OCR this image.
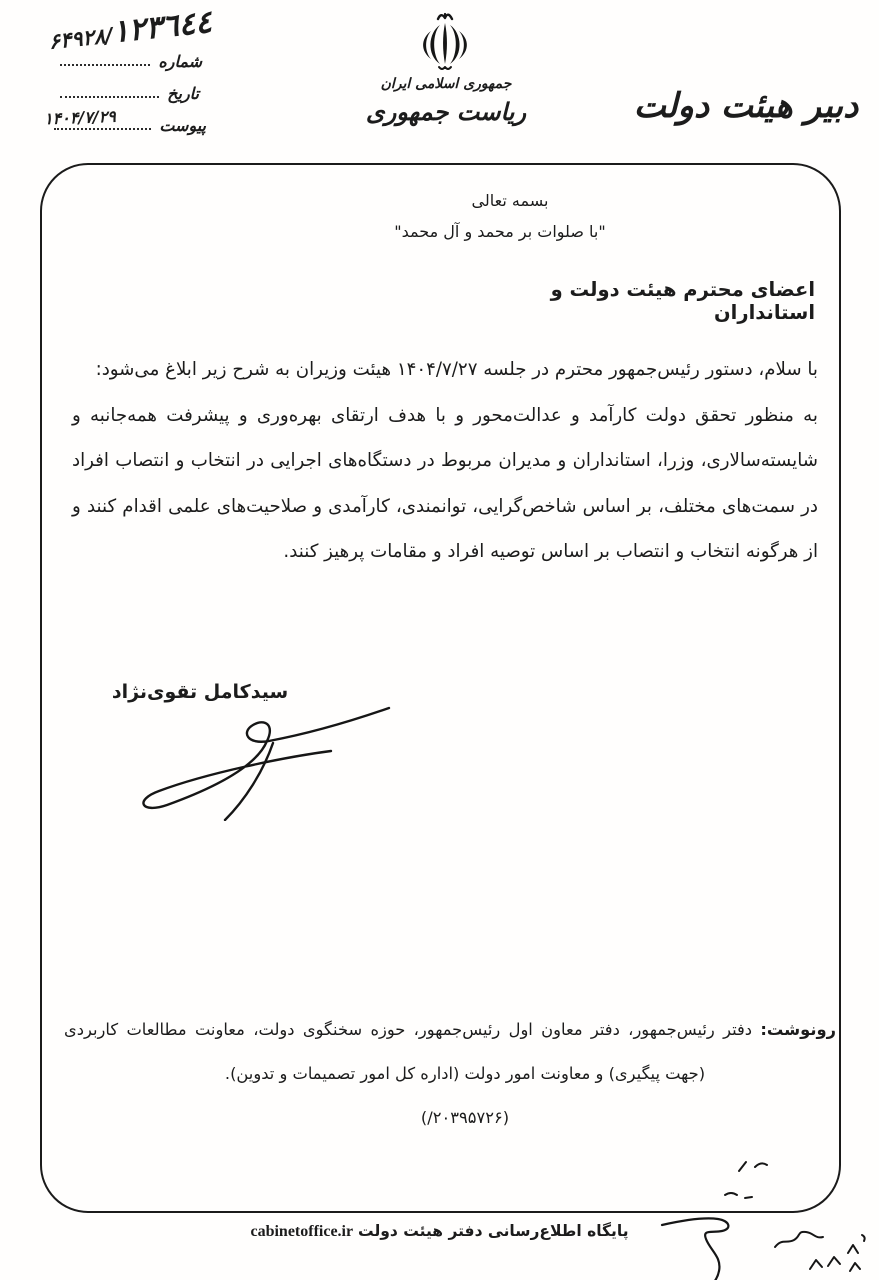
۶۴۹۲۸/١٢٣٦٤٤
شماره
تاریخ
پیوست
۱۴۰۴/۷/۲۹
جمهوری اسلامی ایران
ریاست جمهوری	دبیر هیئت دولت
بسمه تعالی
"با صلوات بر محمد و آل محمد"
اعضای محترم هیئت دولت و استانداران
با سلام، دستور رئیس‌جمهور محترم در جلسه ۱۴۰۴/۷/۲۷ هیئت وزیران به شرح زیر ابلاغ می‌شود:
به منظور تحقق دولت کارآمد و عدالت‌محور و با هدف ارتقای بهره‌وری و پیشرفت همه‌جانبه و
شایسته‌سالاری، وزرا، استانداران و مدیران مربوط در دستگاه‌های اجرایی در انتخاب و انتصاب افراد
در سمت‌های مختلف، بر اساس شاخص‌گرایی، توانمندی، کارآمدی و صلاحیت‌های علمی اقدام کنند و
از هرگونه انتخاب و انتصاب بر اساس توصیه افراد و مقامات پرهیز کنند.
سیدکامل تقوی‌نژاد
رونوشت: دفتر رئیس‌جمهور، دفتر معاون اول رئیس‌جمهور، حوزه سخنگوی دولت، معاونت مطالعات کاربردی
(جهت پیگیری) و معاونت امور دولت (اداره کل امور تصمیمات و تدوین).(۲۰۳۹۵۷۲۶/)
پایگاه اطلاع‌رسانی دفتر هیئت دولت cabinetoffice.ir
